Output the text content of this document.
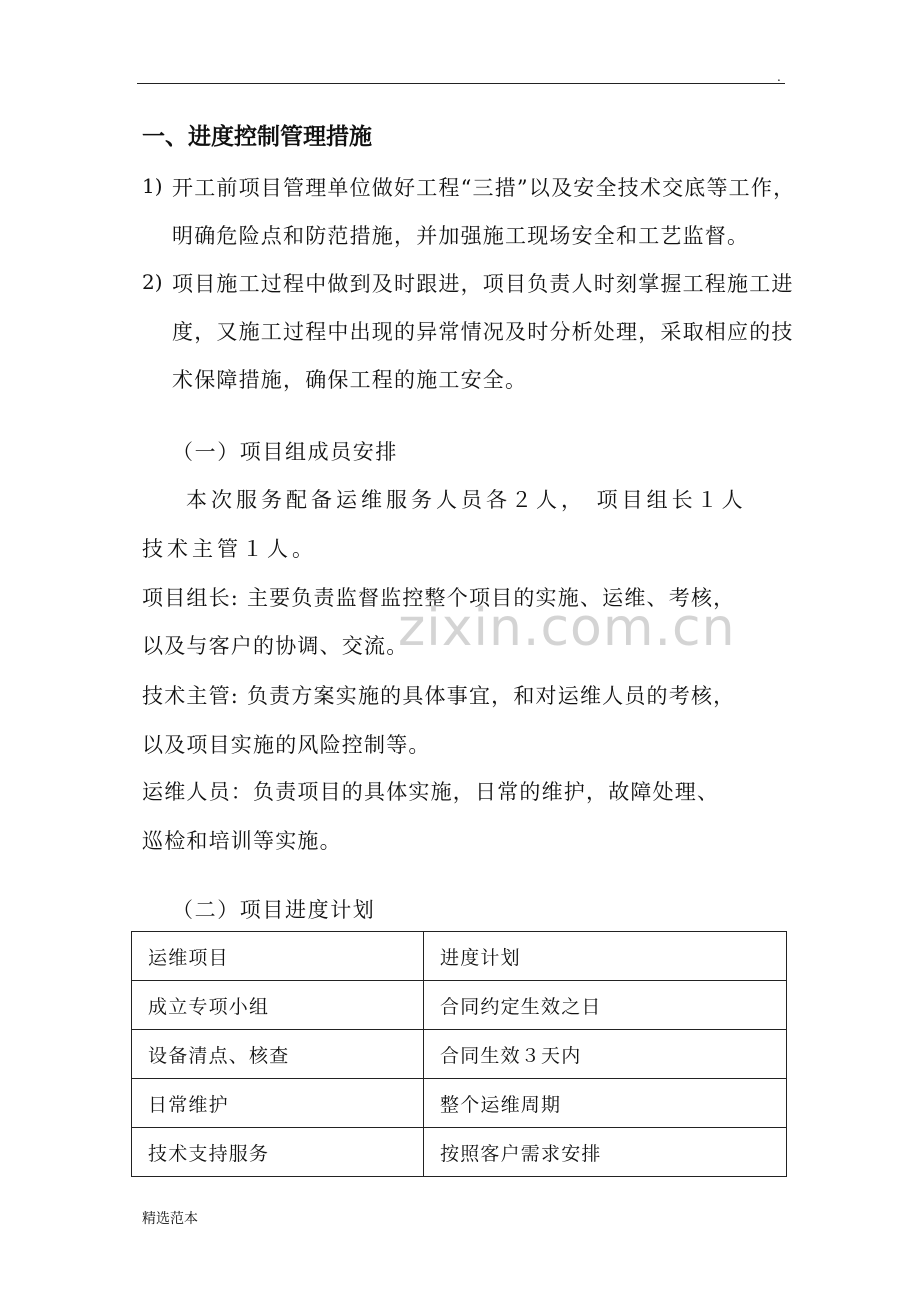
.
一、进度控制管理措施
1) 开工前项目管理单位做好工程“三措”以及安全技术交底等工作，
明确危险点和防范措施，并加强施工现场安全和工艺监督。
2) 项目施工过程中做到及时跟进，项目负责人时刻掌握工程施工进
度，又施工过程中出现的异常情况及时分析处理，采取相应的技
术保障措施，确保工程的施工安全。
（一）项目组成员安排
本次服务配备运维服务人员各２人， 项目组长１人
技术主管１人。
项目组长: 主要负责监督监控整个项目的实施、运维、考核，
以及与客户的协调、交流。
技术主管: 负责方案实施的具体事宜，和对运维人员的考核，
以及项目实施的风险控制等。
运维人员：负责项目的具体实施，日常的维护，故障处理、
巡检和培训等实施。
zixin.com.cn
（二）项目进度计划
运维项目	进度计划
成立专项小组	合同约定生效之日
设备清点、核查	合同生效３天内
日常维护	整个运维周期
技术支持服务	按照客户需求安排
精选范本
